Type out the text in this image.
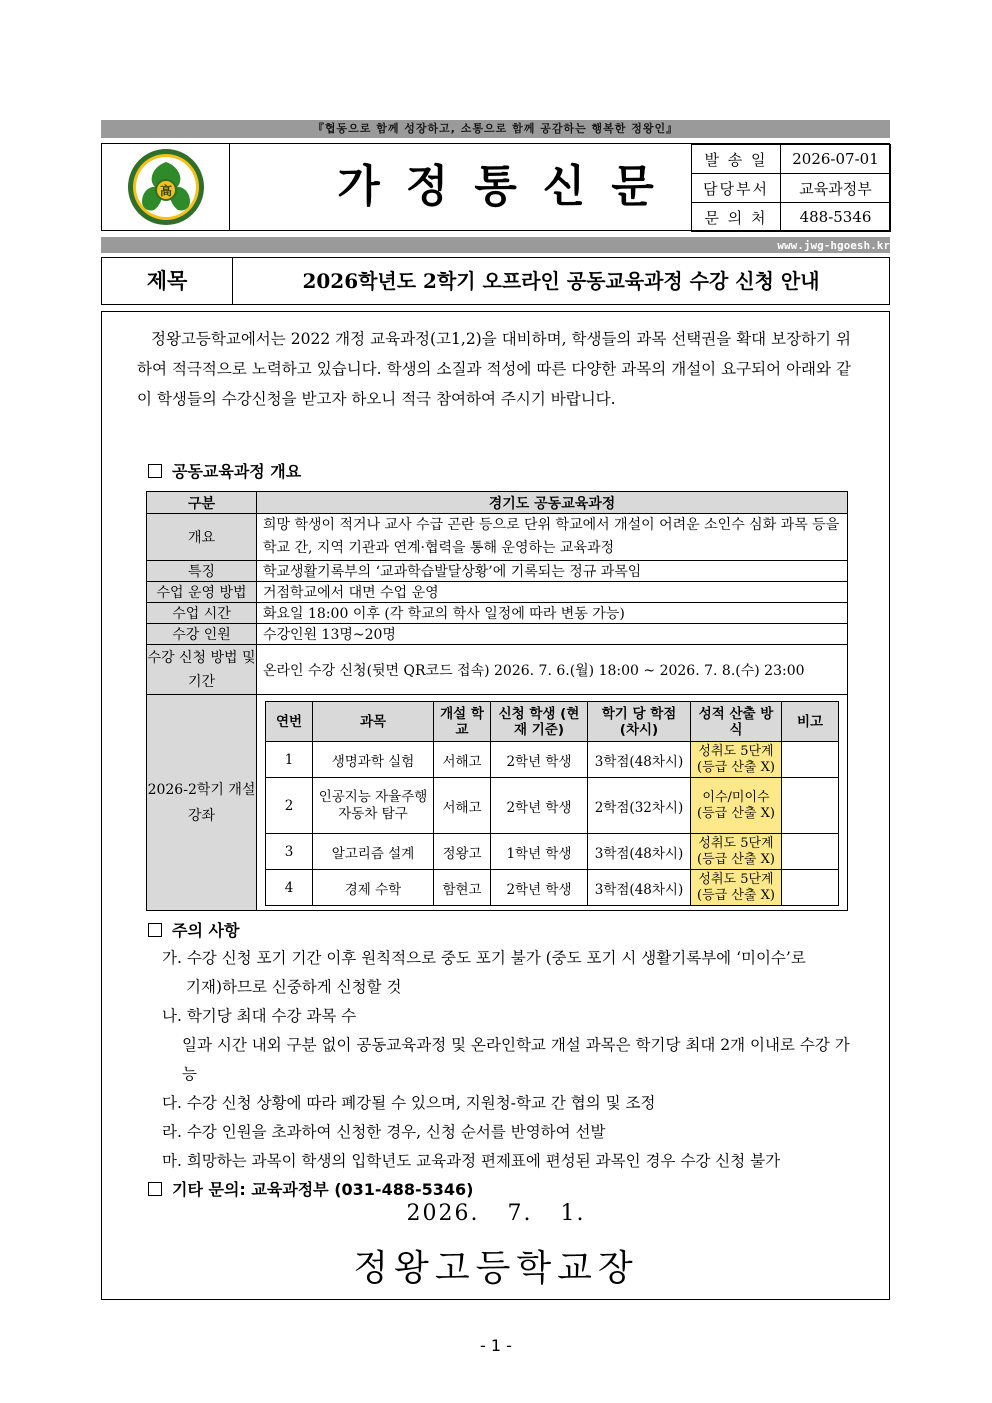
『협동으로 함께 성장하고, 소통으로 함께 공감하는 행복한 정왕인』
高	가정통신문
발 송 일	2026-07-01
담당부서	교육과정부
문 의 처	488-5346
www.jwg-hgoesh.kr
제목	2026학년도 2학기 오프라인 공동교육과정 수강 신청 안내
정왕고등학교에서는 2022 개정 교육과정(고1,2)을 대비하며, 학생들의 과목 선택권을 확대 보장하기 위하여 적극적으로 노력하고 있습니다. 학생의 소질과 적성에 따른 다양한 과목의 개설이 요구되어 아래와 같이 학생들의 수강신청을 받고자 하오니 적극 참여하여 주시기 바랍니다.
공동교육과정 개요
구분	경기도 공동교육과정
개요	희망 학생이 적거나 교사 수급 곤란 등으로 단위 학교에서 개설이 어려운 소인수 심화 과목 등을 학교 간, 지역 기관과 연계·협력을 통해 운영하는 교육과정
특징	학교생활기록부의 ‘교과학습발달상황’에 기록되는 정규 과목임
수업 운영 방법	거점학교에서 대면 수업 운영
수업 시간	화요일 18:00 이후 (각 학교의 학사 일정에 따라 변동 가능)
수강 인원	수강인원 13명~20명
수강 신청 방법 및 기간	온라인 수강 신청(뒷면 QR코드 접속) 2026. 7. 6.(월) 18:00 ~ 2026. 7. 8.(수) 23:00
2026-2학기 개설 강좌	
연번	과목	개설 학교	신청 학생 (현재 기준)	학기 당 학점 (차시)	성적 산출 방식	비고
1	생명과학 실험	서해고	2학년 학생	3학점(48차시)	성취도 5단계 (등급 산출 X)	
2	인공지능 자율주행자동차 탐구	서해고	2학년 학생	2학점(32차시)	이수/미이수 (등급 산출 X)	
3	알고리즘 설계	정왕고	1학년 학생	3학점(48차시)	성취도 5단계 (등급 산출 X)	
4	경제 수학	함현고	2학년 학생	3학점(48차시)	성취도 5단계 (등급 산출 X)	
주의 사항
가. 수강 신청 포기 기간 이후 원칙적으로 중도 포기 불가 (중도 포기 시 생활기록부에 ‘미이수’로
기재)하므로 신중하게 신청할 것
나. 학기당 최대 수강 과목 수
일과 시간 내외 구분 없이 공동교육과정 및 온라인학교 개설 과목은 학기당 최대 2개 이내로 수강 가능
다. 수강 신청 상황에 따라 폐강될 수 있으며, 지원청-학교 간 협의 및 조정
라. 수강 인원을 초과하여 신청한 경우, 신청 순서를 반영하여 선발
마. 희망하는 과목이 학생의 입학년도 교육과정 편제표에 편성된 과목인 경우 수강 신청 불가
기타 문의: 교육과정부 (031-488-5346)
2026. 7. 1.
정왕고등학교장
- 1 -
